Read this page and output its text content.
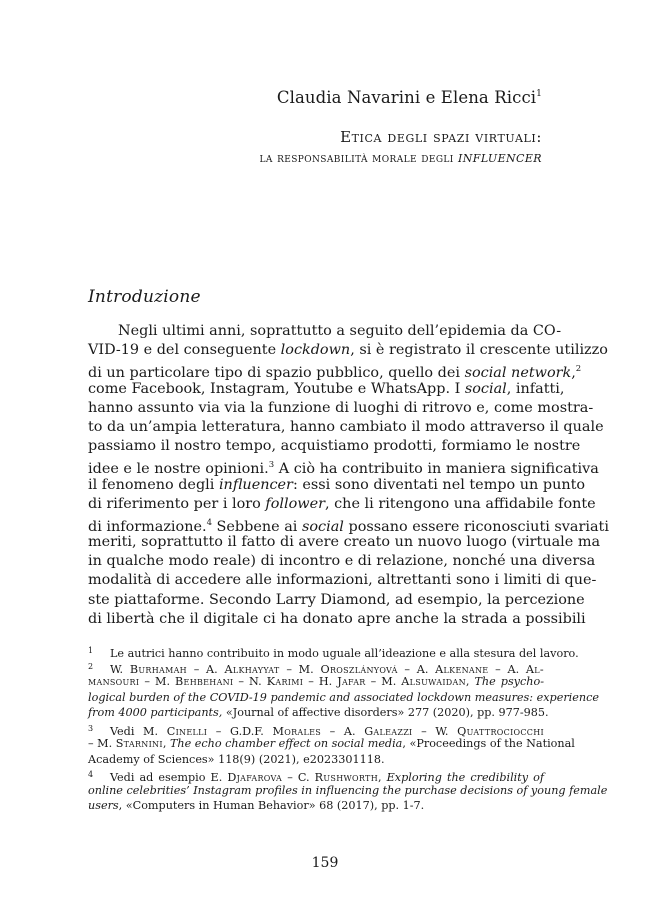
Claudia Navarini e Elena Ricci$^1$
Etica degli spazi virtuali:
la responsabilità morale degli INFLUENCER
Introduzione
Negli ultimi anni, soprattutto a seguito dell’epidemia da CO-
VID-19 e del conseguente lockdown, si è registrato il crescente utilizzo
di un particolare tipo di spazio pubblico, quello dei social network,$^2$
come Facebook, Instagram, Youtube e WhatsApp. I social, infatti,
hanno assunto via via la funzione di luoghi di ritrovo e, come mostra-
to da un’ampia letteratura, hanno cambiato il modo attraverso il quale
passiamo il nostro tempo, acquistiamo prodotti, formiamo le nostre
idee e le nostre opinioni.$^3$ A ciò ha contribuito in maniera significativa
il fenomeno degli influencer: essi sono diventati nel tempo un punto
di riferimento per i loro follower, che li ritengono una affidabile fonte
di informazione.$^4$ Sebbene ai social possano essere riconosciuti svariati
meriti, soprattutto il fatto di avere creato un nuovo luogo (virtuale ma
in qualche modo reale) di incontro e di relazione, nonché una diversa
modalità di accedere alle informazioni, altrettanti sono i limiti di que-
ste piattaforme. Secondo Larry Diamond, ad esempio, la percezione
di libertà che il digitale ci ha donato apre anche la strada a possibili
1 Le autrici hanno contribuito in modo uguale all’ideazione e alla stesura del lavoro.
2 W. Burhamah – A. Alkhayyat – M. Oroszlányová – A. Alkenane – A. Al-
mansouri – M. Behbehani – N. Karimi – H. Jafar – M. Alsuwaidan, The psycho-
logical burden of the COVID-19 pandemic and associated lockdown measures: experience
from 4000 participants, «Journal of affective disorders» 277 (2020), pp. 977-985.
3 Vedi M. Cinelli – G.D.F. Morales – A. Galeazzi – W. Quattrociocchi
– M. Starnini, The echo chamber effect on social media, «Proceedings of the National
Academy of Sciences» 118(9) (2021), e2023301118.
4 Vedi ad esempio E. Djafarova – C. Rushworth, Exploring the credibility of
online celebrities’ Instagram profiles in influencing the purchase decisions of young female
users, «Computers in Human Behavior» 68 (2017), pp. 1-7.
159
